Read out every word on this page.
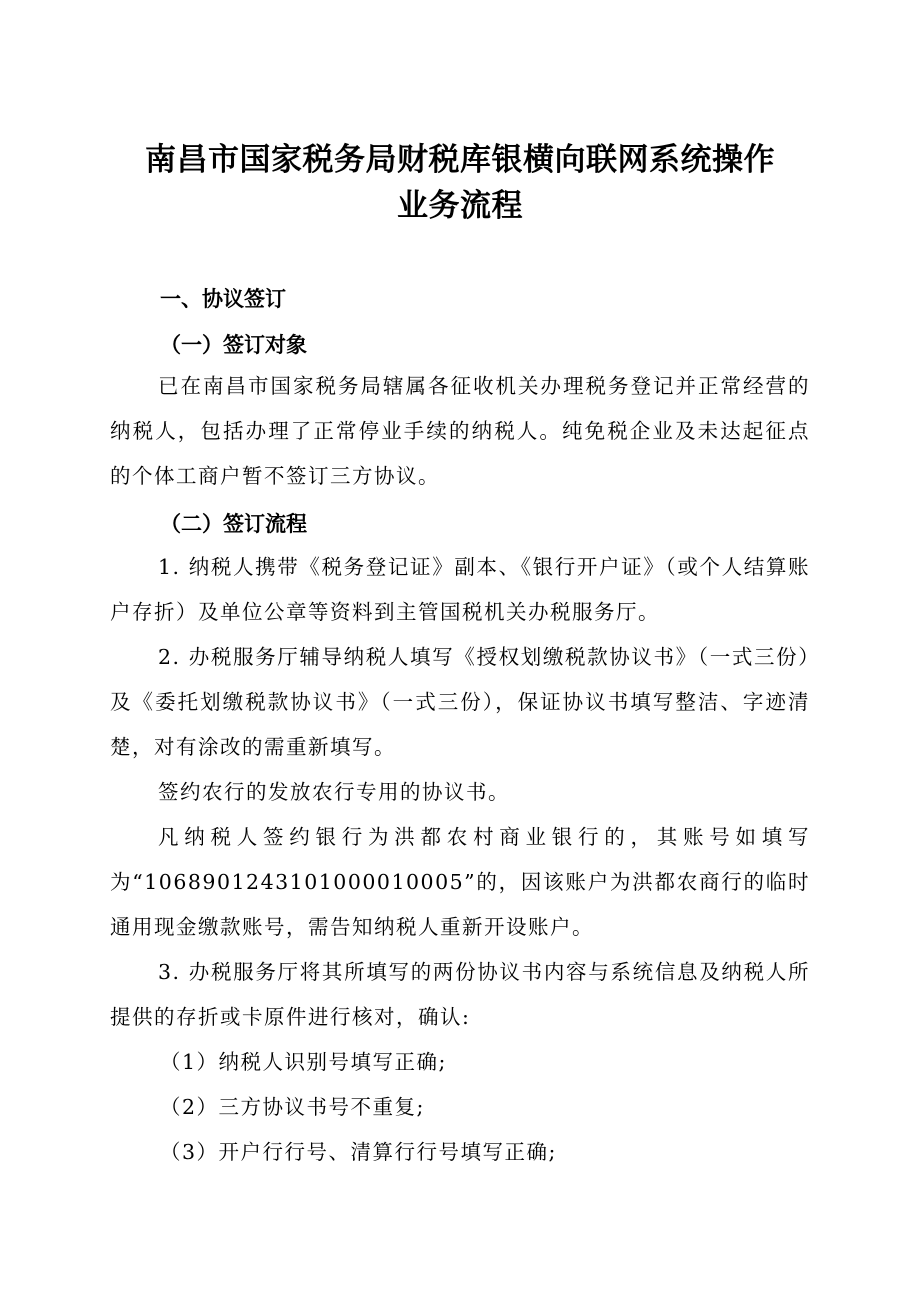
南昌市国家税务局财税库银横向联网系统操作
业务流程
一、协议签订
（一）签订对象
已在南昌市国家税务局辖属各征收机关办理税务登记并正常经营的纳税人，包括办理了正常停业手续的纳税人。纯免税企业及未达起征点的个体工商户暂不签订三方协议。
（二）签订流程
1. 纳税人携带《税务登记证》副本、《银行开户证》（或个人结算账户存折）及单位公章等资料到主管国税机关办税服务厅。
2. 办税服务厅辅导纳税人填写《授权划缴税款协议书》（一式三份）及《委托划缴税款协议书》（一式三份），保证协议书填写整洁、字迹清楚，对有涂改的需重新填写。
签约农行的发放农行专用的协议书。
凡纳税人签约银行为洪都农村商业银行的，其账号如填写为“106890124310100001000​5”的，因该账户为洪都农商行的临时通用现金缴款账号，需告知纳税人重新开设账户。
3. 办税服务厅将其所填写的两份协议书内容与系统信息及纳税人所提供的存折或卡原件进行核对，确认:
（1）纳税人识别号填写正确;
（2）三方协议书号不重复;
（3）开户行行号、清算行行号填写正确;
